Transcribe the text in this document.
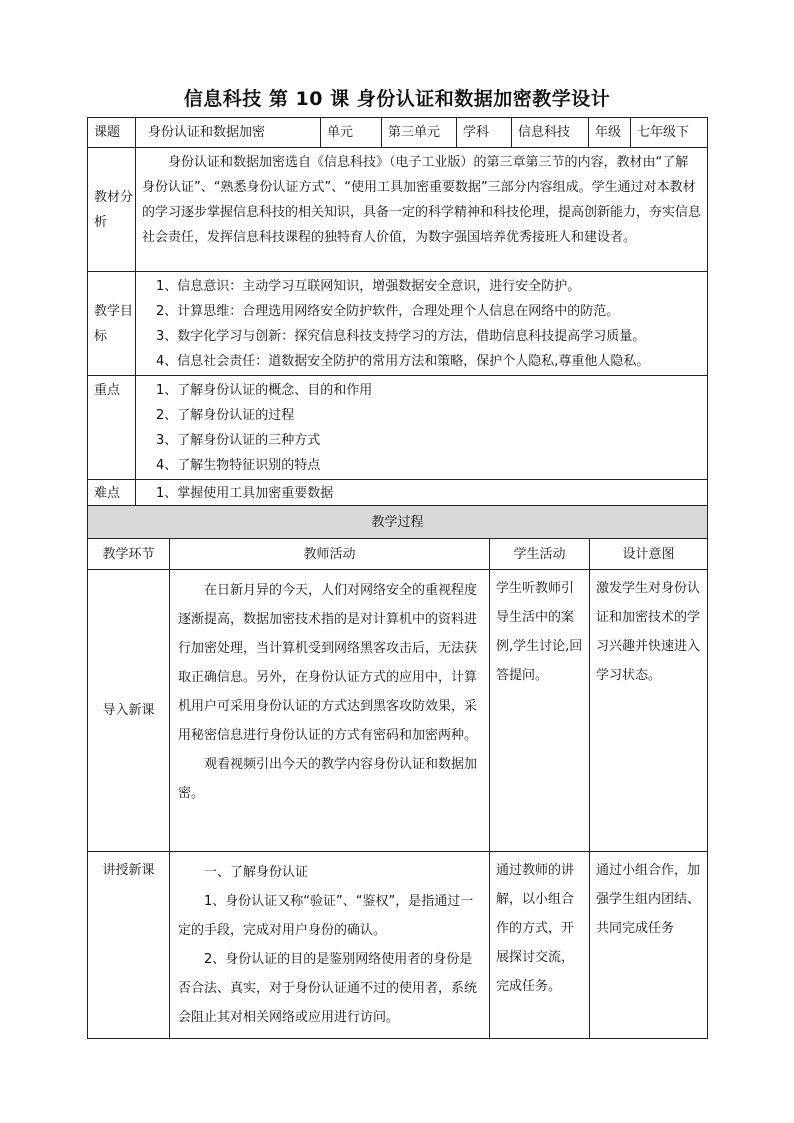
信息科技 第 10 课 身份认证和数据加密教学设计
课题	身份认证和数据加密	单元	第三单元	学科	信息科技	年级	七年级下
教材分析	身份认证和数据加密选自《信息科技》（电子工业版）的第三章第三节的内容，教材由“了解身份认证”、“熟悉身份认证方式”、“使用工具加密重要数据”三部分内容组成。学生通过对本教材的学习逐步掌握信息科技的相关知识，具备一定的科学精神和科技伦理，提高创新能力，夯实信息社会责任，发挥信息科技课程的独特育人价值，为数字强国培养优秀接班人和建设者。						
教学目标	1、信息意识：主动学习互联网知识，增强数据安全意识，进行安全防护。
2、计算思维：合理选用网络安全防护软件，合理处理个人信息在网络中的防范。
3、数字化学习与创新：探究信息科技支持学习的方法，借助信息科技提高学习质量。
4、信息社会责任：道数据安全防护的常用方法和策略，保护个人隐私,尊重他人隐私。						

重点	1、了解身份认证的概念、目的和作用
2、了解身份认证的过程
3、了解身份认证的三种方式
4、了解生物特征识别的特点						

难点	1、掌握使用工具加密重要数据						
教学过程			
教学环节	教师活动	学生活动	设计意图
导入新课	在日新月异的今天，人们对网络安全的重视程度逐渐提高，数据加密技术指的是对计算机中的资料进行加密处理，当计算机受到网络黑客攻击后，无法获取正确信息。另外，在身份认证方式的应用中，计算机用户可采用身份认证的方式达到黑客攻防效果，采用秘密信息进行身份认证的方式有密码和加密两种。

观看视频引出今天的教学内容身份认证和数据加密。	学生听教师引导生活中的案例,学生讨论,回答提问。	激发学生对身份认证和加密技术的学习兴趣并快速进入学习状态。
讲授新课	一、了解身份认证

1、身份认证又称“验证”、“鉴权”，是指通过一定的手段，完成对用户身份的确认。

2、身份认证的目的是鉴别网络使用者的身份是否合法、真实，对于身份认证通不过的使用者，系统会阻止其对相关网络或应用进行访问。	通过教师的讲解，以小组合作的方式，开展探讨交流，完成任务。	通过小组合作，加强学生组内团结、共同完成任务
